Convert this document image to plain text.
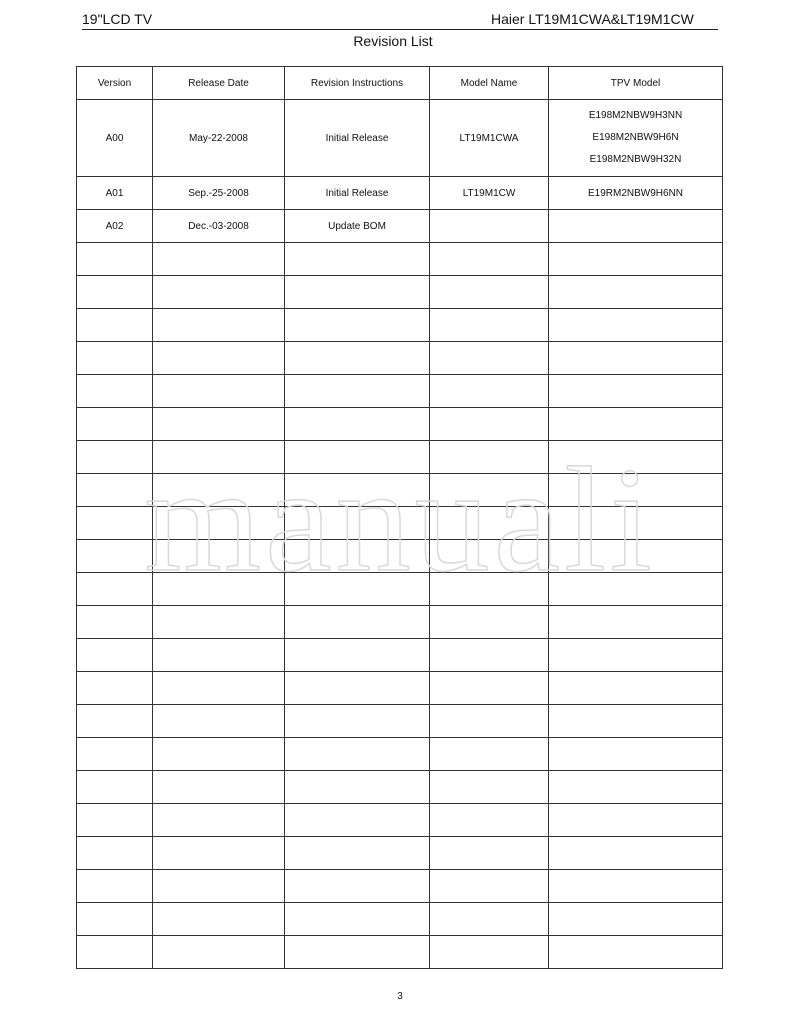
19"LCD TV	Haier LT19M1CWA&LT19M1CW
Revision List
Version	Release Date	Revision Instructions	Model Name	TPV Model
A00	May-22-2008	Initial Release	LT19M1CWA	E198M2NBW9H3NN
E198M2NBW9H6N
E198M2NBW9H32N

A01	Sep.-25-2008	Initial Release	LT19M1CW	E19RM2NBW9H6NN
A02	Dec.-03-2008	Update BOM		

manuali
3
